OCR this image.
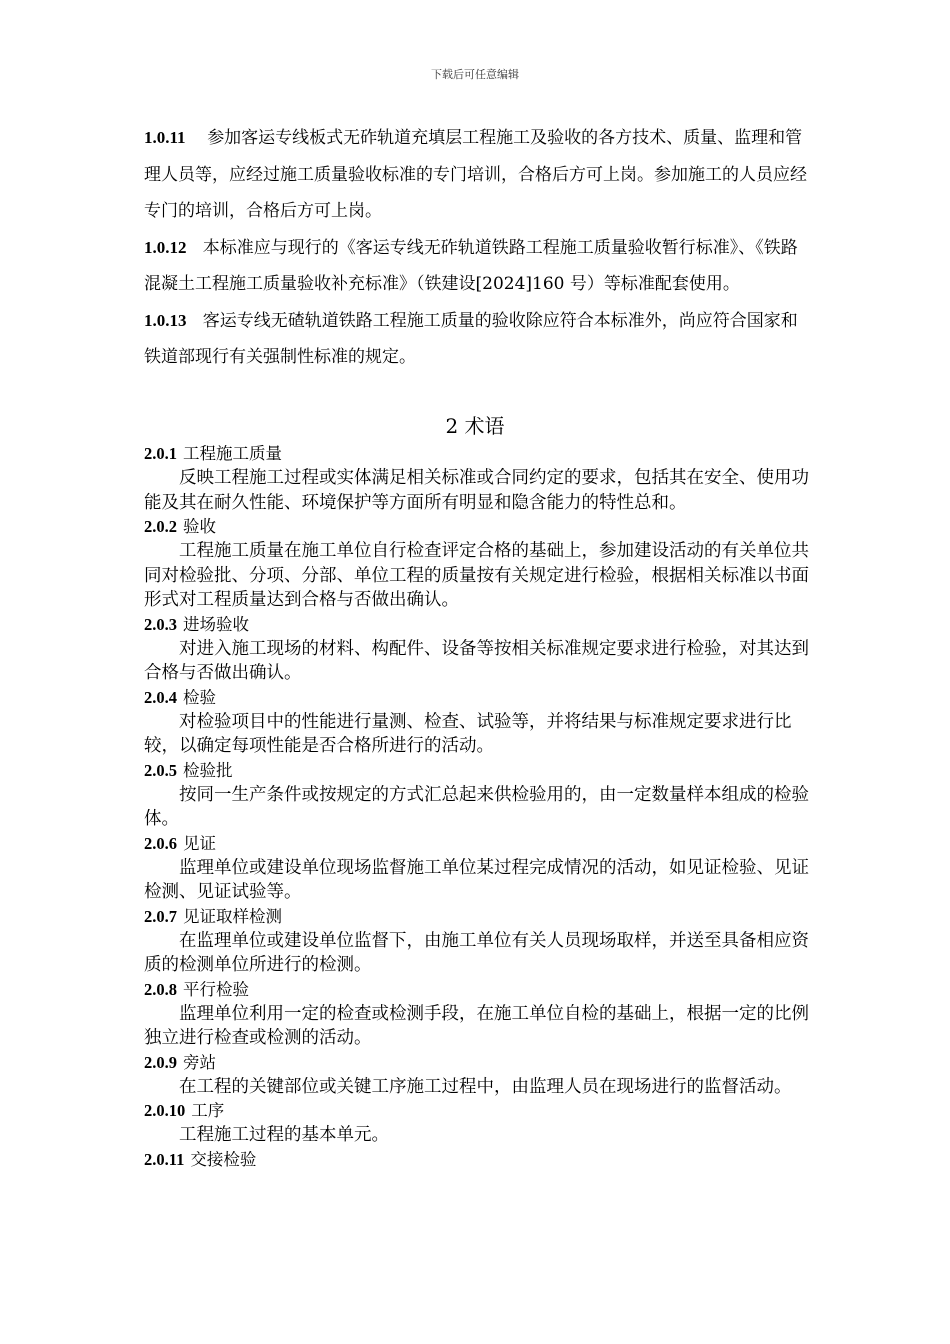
下载后可任意编辑

1.0.11 参加客运专线板式无砟轨道充填层工程施工及验收的各方技术、质量、监理和管理人员等，应经过施工质量验收标准的专门培训，合格后方可上岗。参加施工的人员应经专门的培训，合格后方可上岗。

1.0.12 本标准应与现行的《客运专线无砟轨道铁路工程施工质量验收暂行标准》、《铁路混凝土工程施工质量验收补充标准》（铁建设[2024]160 号）等标准配套使用。

1.0.13 客运专线无碴轨道铁路工程施工质量的验收除应符合本标准外，尚应符合国家和铁道部现行有关强制性标准的规定。

2 术语

2.0.1 工程施工质量

反映工程施工过程或实体满足相关标准或合同约定的要求，包括其在安全、使用功能及其在耐久性能、环境保护等方面所有明显和隐含能力的特性总和。

2.0.2 验收

工程施工质量在施工单位自行检查评定合格的基础上，参加建设活动的有关单位共同对检验批、分项、分部、单位工程的质量按有关规定进行检验，根据相关标准以书面形式对工程质量达到合格与否做出确认。

2.0.3 进场验收

对进入施工现场的材料、构配件、设备等按相关标准规定要求进行检验，对其达到合格与否做出确认。

2.0.4 检验

对检验项目中的性能进行量测、检查、试验等，并将结果与标准规定要求进行比较，以确定每项性能是否合格所进行的活动。

2.0.5 检验批

按同一生产条件或按规定的方式汇总起来供检验用的，由一定数量样本组成的检验体。

2.0.6 见证

监理单位或建设单位现场监督施工单位某过程完成情况的活动，如见证检验、见证检测、见证试验等。

2.0.7 见证取样检测

在监理单位或建设单位监督下，由施工单位有关人员现场取样，并送至具备相应资质的检测单位所进行的检测。

2.0.8 平行检验

监理单位利用一定的检查或检测手段，在施工单位自检的基础上，根据一定的比例独立进行检查或检测的活动。

2.0.9 旁站

在工程的关键部位或关键工序施工过程中，由监理人员在现场进行的监督活动。

2.0.10 工序

工程施工过程的基本单元。

2.0.11 交接检验
